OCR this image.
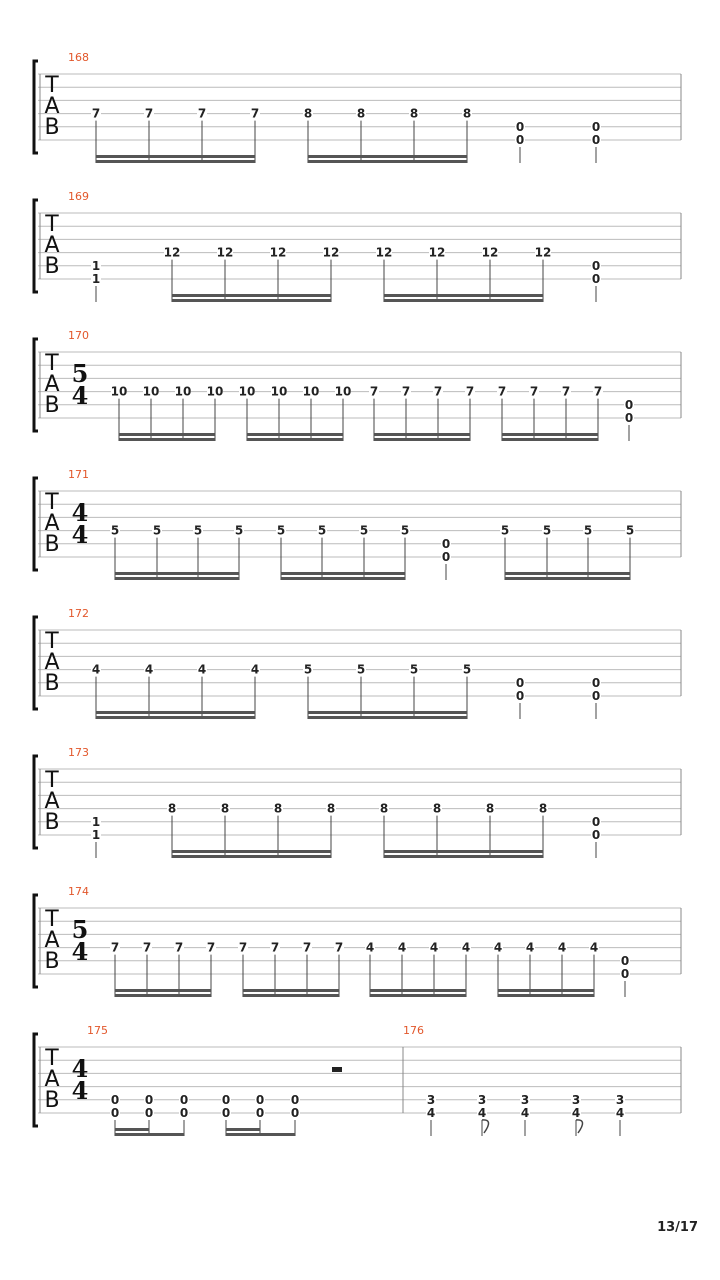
T
A
B
168
7	7	7	7	8	8	8	8
0
0
0
0
T
A
B
169
1
1
12	12	12	12	12	12	12	12
0
0
T
A
B
170
5
4 10 10 10 10 10 10 10 10 7 7 7 7 7 7 7 7
0
0
T
A
B
171
4
4 5	5	5	5	5	5	5	5
0
0
5	5	5	5
T
A
B
172
4	4	4	4	5	5	5	5
0
0
0
0
T
A
B
173
1
1
8	8	8	8	8	8	8	8
0
0
T
A
B
174
5
4 7 7 7 7 7 7 7 7 4 4 4 4 4 4 4 4
0
0
T
A
B
175	176
4
4 0
0
0
0
0
0
0
0
0
0
0
0
3
4
3
4
3
4
3
4
3
4
13/17
